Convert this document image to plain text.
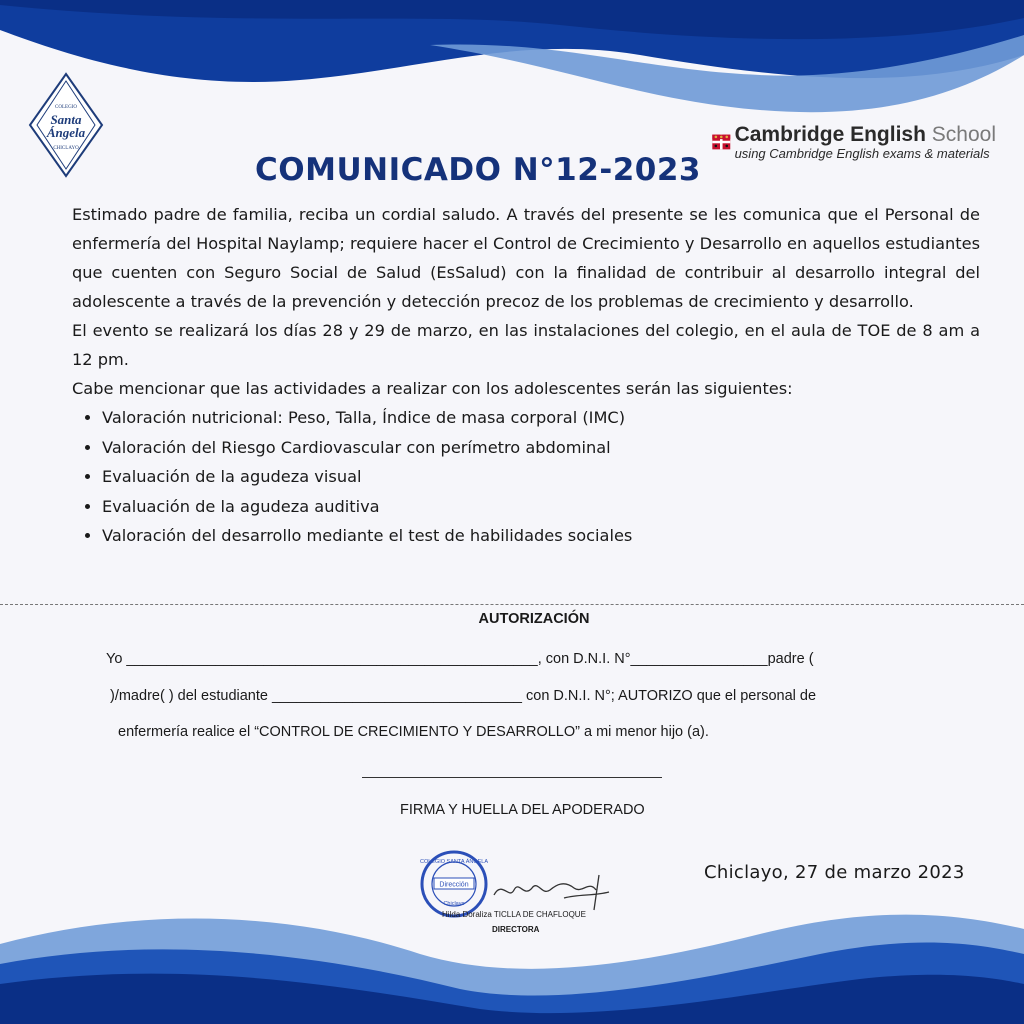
COLEGIO
Santa
Ángela
CHICLAYO
Cambridge English School
using Cambridge English exams & materials
COMUNICADO N°12-2023

Estimado padre de familia, reciba un cordial saludo. A través del presente se les comunica que el Personal de enfermería del Hospital Naylamp; requiere hacer el Control de Crecimiento y Desarrollo en aquellos estudiantes que cuenten con Seguro Social de Salud (EsSalud) con la finalidad de contribuir al desarrollo integral del adolescente a través de la prevención y detección precoz de los problemas de crecimiento y desarrollo.

El evento se realizará los días 28 y 29 de marzo, en las instalaciones del colegio, en el aula de TOE de 8 am a 12 pm.

Cabe mencionar que las actividades a realizar con los adolescentes serán las siguientes:

• Valoración nutricional: Peso, Talla, Índice de masa corporal (IMC)
• Valoración del Riesgo Cardiovascular con perímetro abdominal
• Evaluación de la agudeza visual
• Evaluación de la agudeza auditiva
• Valoración del desarrollo mediante el test de habilidades sociales
AUTORIZACIÓN
Yo ___________________________________________________, con D.N.I. N°_________________padre (
)/madre( ) del estudiante _______________________________ con D.N.I. N°; AUTORIZO que el personal de
enfermería realice el “CONTROL DE CRECIMIENTO Y DESARROLLO” a mi menor hijo (a).
FIRMA Y HUELLA DEL APODERADO
COLEGIO SANTA ÁNGELA
Dirección
Chiclayo
Hilda Doraliza TICLLA DE CHAFLOQUE
DIRECTORA
Chiclayo, 27 de marzo 2023
